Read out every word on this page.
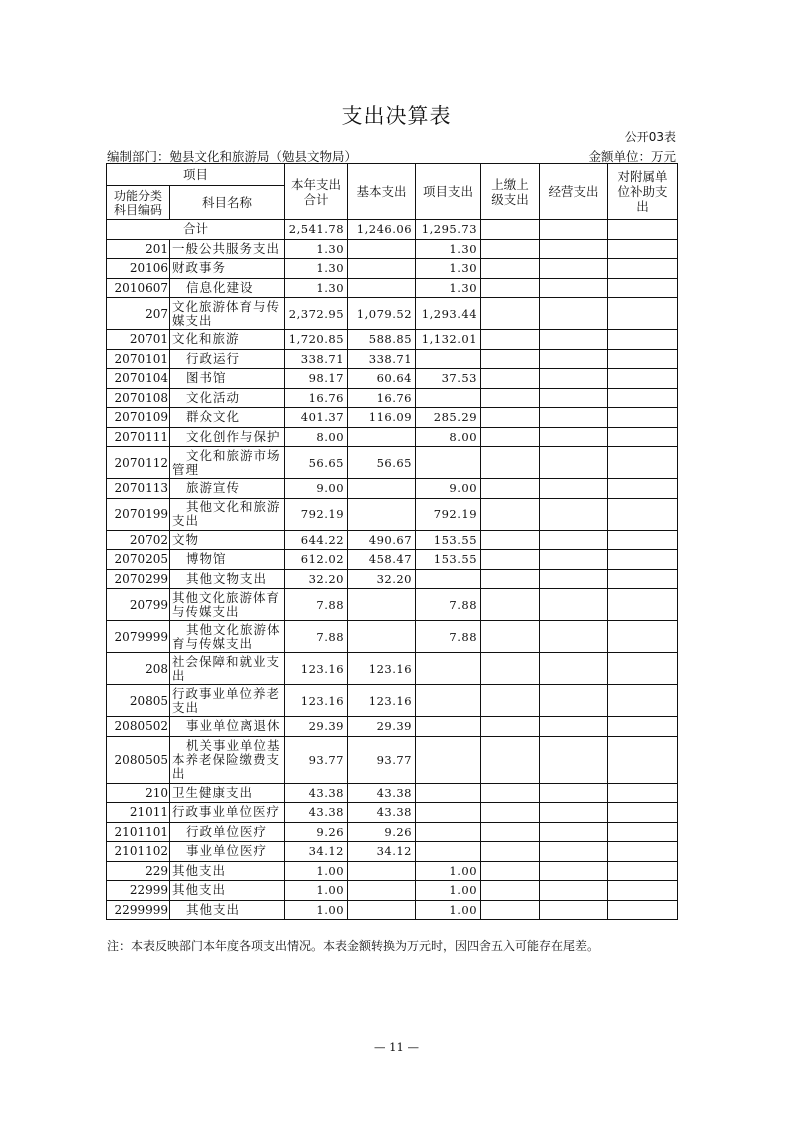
支出决算表
公开03表
编制部门：勉县文化和旅游局（勉县文物局）	金额单位：万元
项目		本年支出合计	基本支出	项目支出	上缴上级支出	经营支出	对附属单位补助支出
功能分类科目编码	科目名称						
合计		2,541.78	1,246.06	1,295.73			
201	一般公共服务支出	1.30		1.30			
20106	财政事务	1.30		1.30			
2010607	信息化建设	1.30		1.30			
207	文化旅游体育与传媒支出	2,372.95	1,079.52	1,293.44			
20701	文化和旅游	1,720.85	588.85	1,132.01			
2070101	行政运行	338.71	338.71				
2070104	图书馆	98.17	60.64	37.53			
2070108	文化活动	16.76	16.76				
2070109	群众文化	401.37	116.09	285.29			
2070111	文化创作与保护	8.00		8.00			
2070112	文化和旅游市场管理	56.65	56.65				
2070113	旅游宣传	9.00		9.00			
2070199	其他文化和旅游支出	792.19		792.19			
20702	文物	644.22	490.67	153.55			
2070205	博物馆	612.02	458.47	153.55			
2070299	其他文物支出	32.20	32.20				
20799	其他文化旅游体育与传媒支出	7.88		7.88			
2079999	其他文化旅游体育与传媒支出	7.88		7.88			
208	社会保障和就业支出	123.16	123.16				
20805	行政事业单位养老支出	123.16	123.16				
2080502	事业单位离退休	29.39	29.39				
2080505	机关事业单位基本养老保险缴费支出	93.77	93.77				
210	卫生健康支出	43.38	43.38				
21011	行政事业单位医疗	43.38	43.38				
2101101	行政单位医疗	9.26	9.26				
2101102	事业单位医疗	34.12	34.12				
229	其他支出	1.00		1.00			
22999	其他支出	1.00		1.00			
2299999	其他支出	1.00		1.00			
注：本表反映部门本年度各项支出情况。本表金额转换为万元时，因四舍五入可能存在尾差。
— 11 —
